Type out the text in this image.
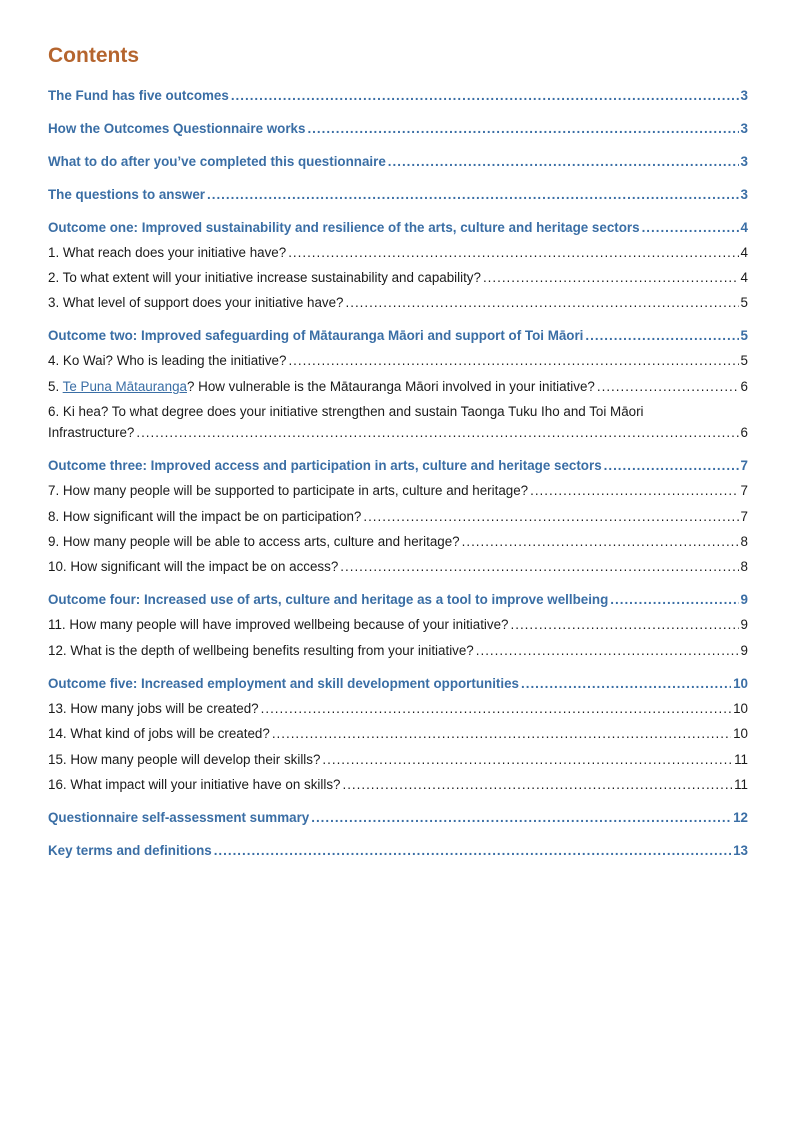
Contents
The Fund has five outcomes .....	3
How the Outcomes Questionnaire works .....	3
What to do after you’ve completed this questionnaire .....	3
The questions to answer .....	3
Outcome one: Improved sustainability and resilience of the arts, culture and heritage sectors .....	4
1. What reach does your initiative have? .....	4
2. To what extent will your initiative increase sustainability and capability? .....	4
3. What level of support does your initiative have? .....	5
Outcome two: Improved safeguarding of Mātauranga Māori and support of Toi Māori .....	5
4. Ko Wai? Who is leading the initiative? .....	5
5. Te Puna Mātauranga? How vulnerable is the Mātauranga Māori involved in your initiative? .....	6
6. Ki hea? To what degree does your initiative strengthen and sustain Taonga Tuku Iho and Toi Māori
Infrastructure? .....	6
Outcome three: Improved access and participation in arts, culture and heritage sectors .....	7
7. How many people will be supported to participate in arts, culture and heritage? .....	7
8. How significant will the impact be on participation? .....	7
9. How many people will be able to access arts, culture and heritage? .....	8
10. How significant will the impact be on access? .....	8
Outcome four: Increased use of arts, culture and heritage as a tool to improve wellbeing .....	9
11. How many people will have improved wellbeing because of your initiative? .....	9
12. What is the depth of wellbeing benefits resulting from your initiative? .....	9
Outcome five: Increased employment and skill development opportunities .....	10
13. How many jobs will be created? .....	10
14. What kind of jobs will be created? .....	10
15. How many people will develop their skills? .....	11
16. What impact will your initiative have on skills? .....	11
Questionnaire self-assessment summary .....	12
Key terms and definitions .....	13
